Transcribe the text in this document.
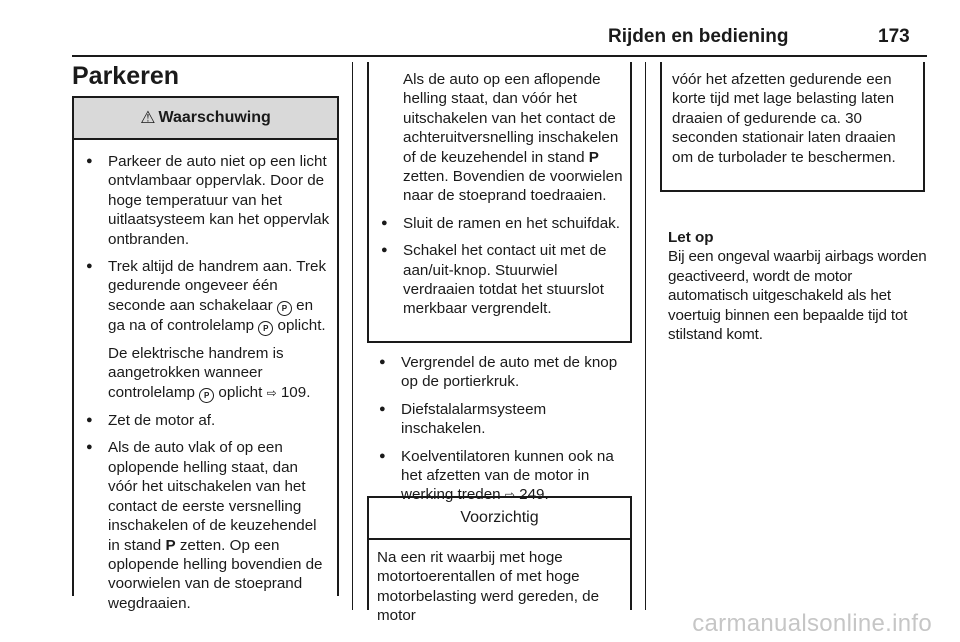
Rijden en bediening	173
Parkeren
⚠ Waarschuwing
● Parkeer de auto niet op een licht ontvlambaar oppervlak. Door de hoge temperatuur van het uitlaatsysteem kan het oppervlak ontbranden.
● Trek altijd de handrem aan. Trek gedurende ongeveer één seconde aan schakelaar P en ga na of controlelamp P oplicht.

De elektrische handrem is aangetrokken wanneer controlelamp P oplicht ⇨ 109.

● Zet de motor af.
● Als de auto vlak of op een oplopende helling staat, dan vóór het uitschakelen van het contact de eerste versnelling inschakelen of de keuzehendel in stand P zetten. Op een oplopende helling bovendien de voorwielen van de stoeprand wegdraaien.

Als de auto op een aflopende helling staat, dan vóór het uitschakelen van het contact de achteruitversnelling inschakelen of de keuzehendel in stand P zetten. Bovendien de voorwielen naar de stoeprand toedraaien.

● Sluit de ramen en het schuifdak.
● Schakel het contact uit met de aan/uit-knop. Stuurwiel verdraaien totdat het stuurslot merkbaar vergrendelt.
● Vergrendel de auto met de knop op de portierkruk.
● Diefstalalarmsysteem inschakelen.
● Koelventilatoren kunnen ook na het afzetten van de motor in werking treden ⇨ 249.
Voorzichtig

Na een rit waarbij met hoge motortoerentallen of met hoge motorbelasting werd gereden, de motor

vóór het afzetten gedurende een korte tijd met lage belasting laten draaien of gedurende ca. 30 seconden stationair laten draaien om de turbolader te beschermen.

Let op

Bij een ongeval waarbij airbags worden geactiveerd, wordt de motor automatisch uitgeschakeld als het voertuig binnen een bepaalde tijd tot stilstand komt.

carmanualsonline.info
